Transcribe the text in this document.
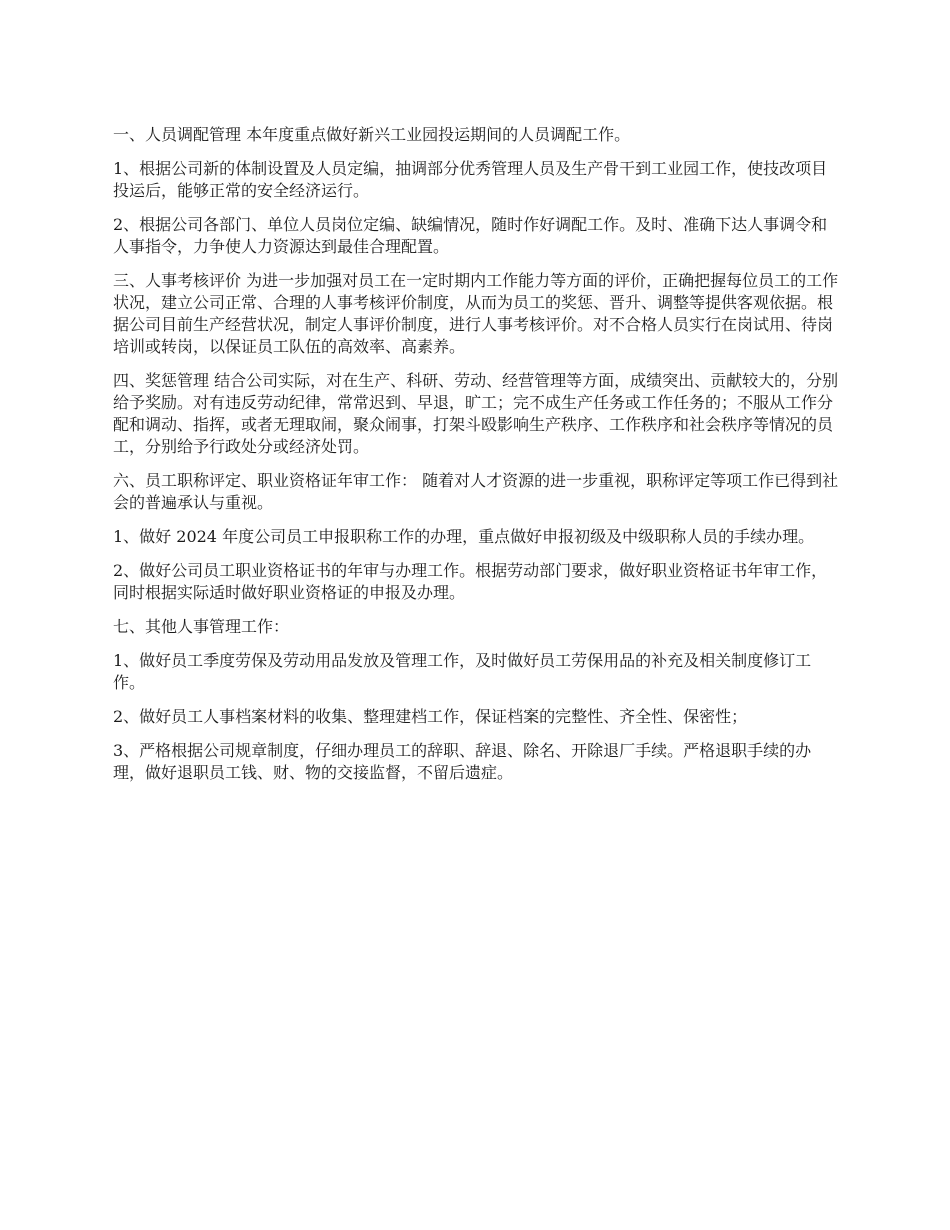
一、人员调配管理 本年度重点做好新兴工业园投运期间的人员调配工作。

1、根据公司新的体制设置及人员定编，抽调部分优秀管理人员及生产骨干到工业园工作，使技改项目投运后，能够正常的安全经济运行。

2、根据公司各部门、单位人员岗位定编、缺编情况，随时作好调配工作。及时、准确下达人事调令和人事指令，力争使人力资源达到最佳合理配置。

三、人事考核评价 为进一步加强对员工在一定时期内工作能力等方面的评价，正确把握每位员工的工作状况，建立公司正常、合理的人事考核评价制度，从而为员工的奖惩、晋升、调整等提供客观依据。根据公司目前生产经营状况，制定人事评价制度，进行人事考核评价。对不合格人员实行在岗试用、待岗培训或转岗，以保证员工队伍的高效率、高素养。

四、奖惩管理 结合公司实际，对在生产、科研、劳动、经营管理等方面，成绩突出、贡献较大的，分别给予奖励。对有违反劳动纪律，常常迟到、早退，旷工；完不成生产任务或工作任务的；不服从工作分配和调动、指挥，或者无理取闹，聚众闹事，打架斗殴影响生产秩序、工作秩序和社会秩序等情况的员工，分别给予行政处分或经济处罚。

六、员工职称评定、职业资格证年审工作： 随着对人才资源的进一步重视，职称评定等项工作已得到社会的普遍承认与重视。

1、做好 2024 年度公司员工申报职称工作的办理，重点做好申报初级及中级职称人员的手续办理。

2、做好公司员工职业资格证书的年审与办理工作。根据劳动部门要求，做好职业资格证书年审工作，同时根据实际适时做好职业资格证的申报及办理。

七、其他人事管理工作：

1、做好员工季度劳保及劳动用品发放及管理工作，及时做好员工劳保用品的补充及相关制度修订工作。

2、做好员工人事档案材料的收集、整理建档工作，保证档案的完整性、齐全性、保密性；

3、严格根据公司规章制度，仔细办理员工的辞职、辞退、除名、开除退厂手续。严格退职手续的办理，做好退职员工钱、财、物的交接监督，不留后遗症。
